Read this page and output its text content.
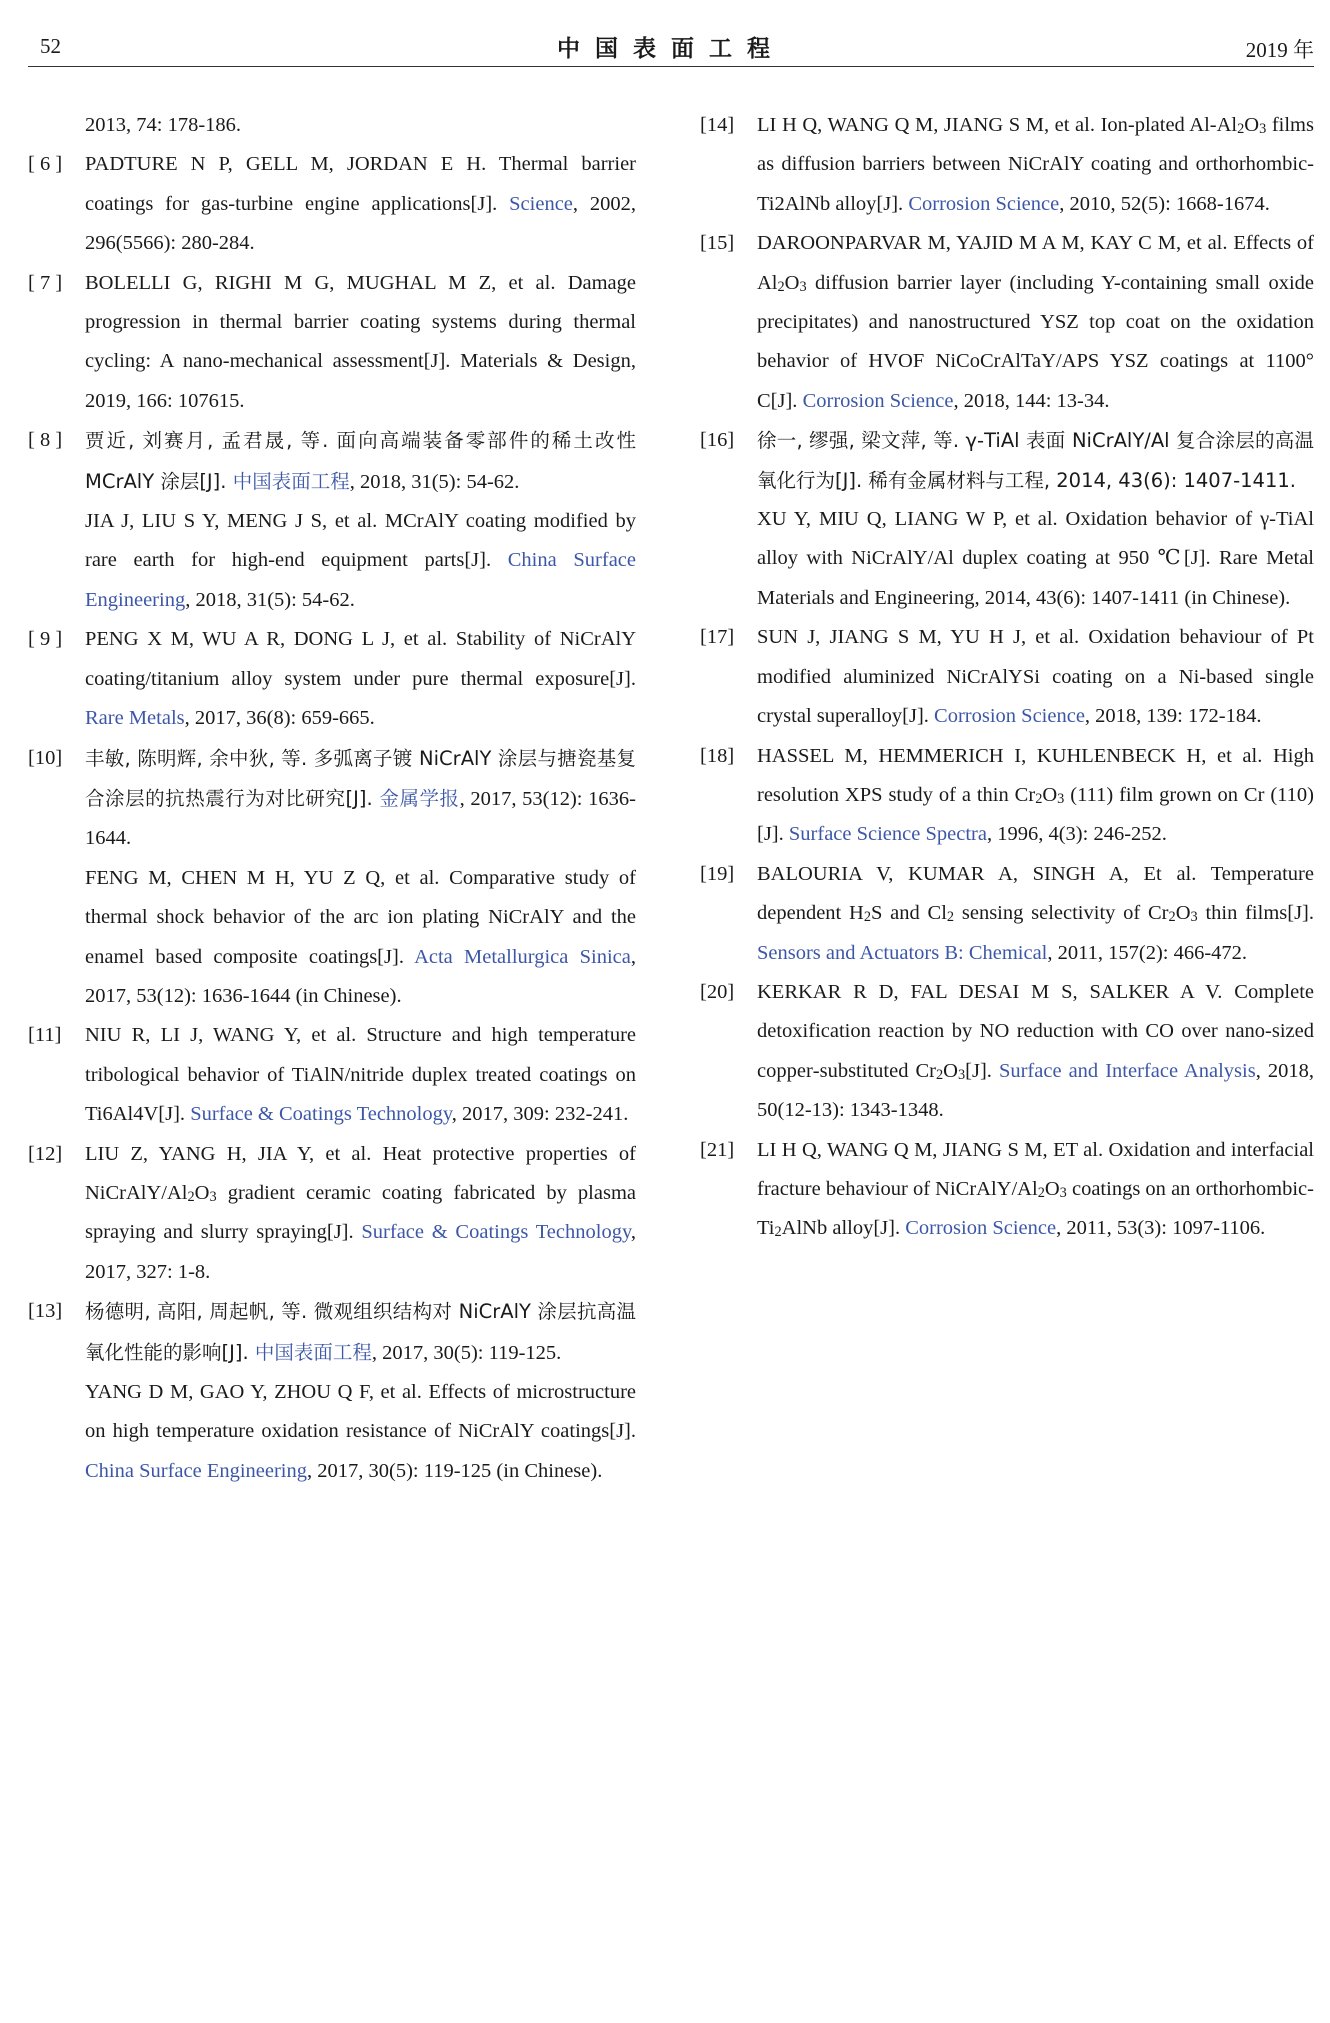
52	中国表面工程	2019 年
2013, 74: 178-186.
[ 6 ]	PADTURE N P, GELL M, JORDAN E H. Thermal barrier coatings for gas-turbine engine applications[J]. Science, 2002, 296(5566): 280-284.
[ 7 ]	BOLELLI G, RIGHI M G, MUGHAL M Z, et al. Damage progression in thermal barrier coating systems during thermal cycling: A nano-mechanical assessment[J]. Materials & Design, 2019, 166: 107615.
[ 8 ]	贾近, 刘赛月, 孟君晟, 等. 面向高端装备零部件的稀土改性 MCrAlY 涂层[J]. 中国表面工程, 2018, 31(5): 54-62.
JIA J, LIU S Y, MENG J S, et al. MCrAlY coating modified by rare earth for high-end equipment parts[J]. China Surface Engineering, 2018, 31(5): 54-62.
[ 9 ]	PENG X M, WU A R, DONG L J, et al. Stability of NiCrAlY coating/titanium alloy system under pure thermal exposure[J]. Rare Metals, 2017, 36(8): 659-665.
[10]	丰敏, 陈明辉, 余中狄, 等. 多弧离子镀 NiCrAlY 涂层与搪瓷基复合涂层的抗热震行为对比研究[J]. 金属学报, 2017, 53(12): 1636-1644.
FENG M, CHEN M H, YU Z Q, et al. Comparative study of thermal shock behavior of the arc ion plating NiCrAlY and the enamel based composite coatings[J]. Acta Metallurgica Sinica, 2017, 53(12): 1636-1644 (in Chinese).
[11]	NIU R, LI J, WANG Y, et al. Structure and high temperature tribological behavior of TiAlN/nitride duplex treated coatings on Ti6Al4V[J]. Surface & Coatings Technology, 2017, 309: 232-241.
[12]	LIU Z, YANG H, JIA Y, et al. Heat protective properties of NiCrAlY/$Al_2O_3$ gradient ceramic coating fabricated by plasma spraying and slurry spraying[J]. Surface & Coatings Technology, 2017, 327: 1-8.
[13]	杨德明, 高阳, 周起帆, 等. 微观组织结构对 NiCrAlY 涂层抗高温氧化性能的影响[J]. 中国表面工程, 2017, 30(5): 119-125.
YANG D M, GAO Y, ZHOU Q F, et al. Effects of microstructure on high temperature oxidation resistance of NiCrAlY coatings[J]. China Surface Engineering, 2017, 30(5): 119-125 (in Chinese).
[14]	LI H Q, WANG Q M, JIANG S M, et al. Ion-plated $Al-Al_2O_3$ films as diffusion barriers between NiCrAlY coating and orthorhombic-Ti2AlNb alloy[J]. Corrosion Science, 2010, 52(5): 1668-1674.
[15]	DAROONPARVAR M, YAJID M A M, KAY C M, et al. Effects of $Al_2O_3$ diffusion barrier layer (including Y-containing small oxide precipitates) and nanostructured YSZ top coat on the oxidation behavior of HVOF NiCoCrAlTaY/APS YSZ coatings at 1100° C[J]. Corrosion Science, 2018, 144: 13-34.
[16]	徐一, 缪强, 梁文萍, 等. γ-TiAl 表面 NiCrAlY/Al 复合涂层的高温氧化行为[J]. 稀有金属材料与工程, 2014, 43(6): 1407-1411.
XU Y, MIU Q, LIANG W P, et al. Oxidation behavior of γ-TiAl alloy with NiCrAlY/Al duplex coating at 950 ℃[J]. Rare Metal Materials and Engineering, 2014, 43(6): 1407-1411 (in Chinese).
[17]	SUN J, JIANG S M, YU H J, et al. Oxidation behaviour of Pt modified aluminized NiCrAlYSi coating on a Ni-based single crystal superalloy[J]. Corrosion Science, 2018, 139: 172-184.
[18]	HASSEL M, HEMMERICH I, KUHLENBECK H, et al. High resolution XPS study of a thin $Cr_2O_3$ (111) film grown on Cr (110)[J]. Surface Science Spectra, 1996, 4(3): 246-252.
[19]	BALOURIA V, KUMAR A, SINGH A, Et al. Temperature dependent $H_2S$ and $Cl_2$ sensing selectivity of $Cr_2O_3$ thin films[J]. Sensors and Actuators B: Chemical, 2011, 157(2): 466-472.
[20]	KERKAR R D, FAL DESAI M S, SALKER A V. Complete detoxification reaction by NO reduction with CO over nano‐sized copper‐substituted $Cr_2O_3[J]$. Surface and Interface Analysis, 2018, 50(12-13): 1343-1348.
[21]	LI H Q, WANG Q M, JIANG S M, ET al. Oxidation and interfacial fracture behaviour of NiCrAlY/$Al_2O_3$ coatings on an orthorhombic-$Ti_2AlNb$ alloy[J]. Corrosion Science, 2011, 53(3): 1097-1106.
